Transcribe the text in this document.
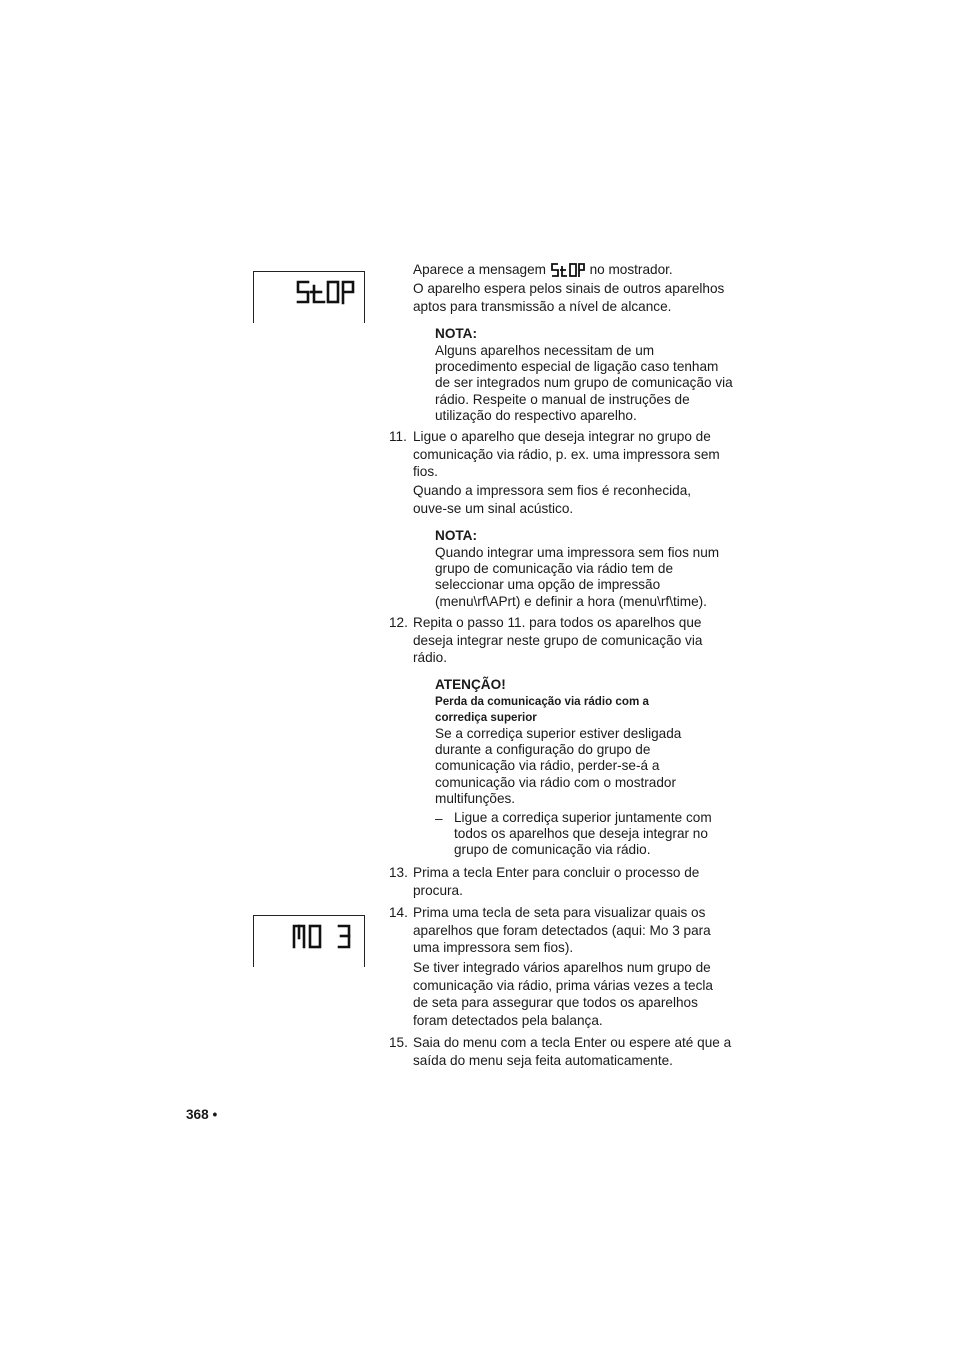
Aparece a mensagem	no mostrador.

O aparelho espera pelos sinais de outros aparelhos aptos para transmissão a nível de alcance.

NOTA:

Alguns aparelhos necessitam de um procedimento especial de ligação caso tenham de ser integrados num grupo de comunicação via rádio. Respeite o manual de instruções de utilização do respectivo aparelho.

11. Ligue o aparelho que deseja integrar no grupo de comunicação via rádio, p. ex. uma impressora sem fios.

Quando a impressora sem fios é reconhecida, ouve-se um sinal acústico.

NOTA:

Quando integrar uma impressora sem fios num grupo de comunicação via rádio tem de seleccionar uma opção de impressão (menu\rf\APrt) e definir a hora (menu\rf\time).

12. Repita o passo 11. para todos os aparelhos que deseja integrar neste grupo de comunicação via rádio.

ATENÇÃO!

Perda da comunicação via rádio com a corrediça superior

Se a corrediça superior estiver desligada durante a configuração do grupo de comunicação via rádio, perder-se-á a comunicação via rádio com o mostrador multifunções.

– Ligue a corrediça superior juntamente com todos os aparelhos que deseja integrar no grupo de comunicação via rádio.

13. Prima a tecla Enter para concluir o processo de procura.

14. Prima uma tecla de seta para visualizar quais os aparelhos que foram detectados (aqui: Mo 3 para uma impressora sem fios).

Se tiver integrado vários aparelhos num grupo de comunicação via rádio, prima várias vezes a tecla de seta para assegurar que todos os aparelhos foram detectados pela balança.

15. Saia do menu com a tecla Enter ou espere até que a saída do menu seja feita automaticamente.

368 •
